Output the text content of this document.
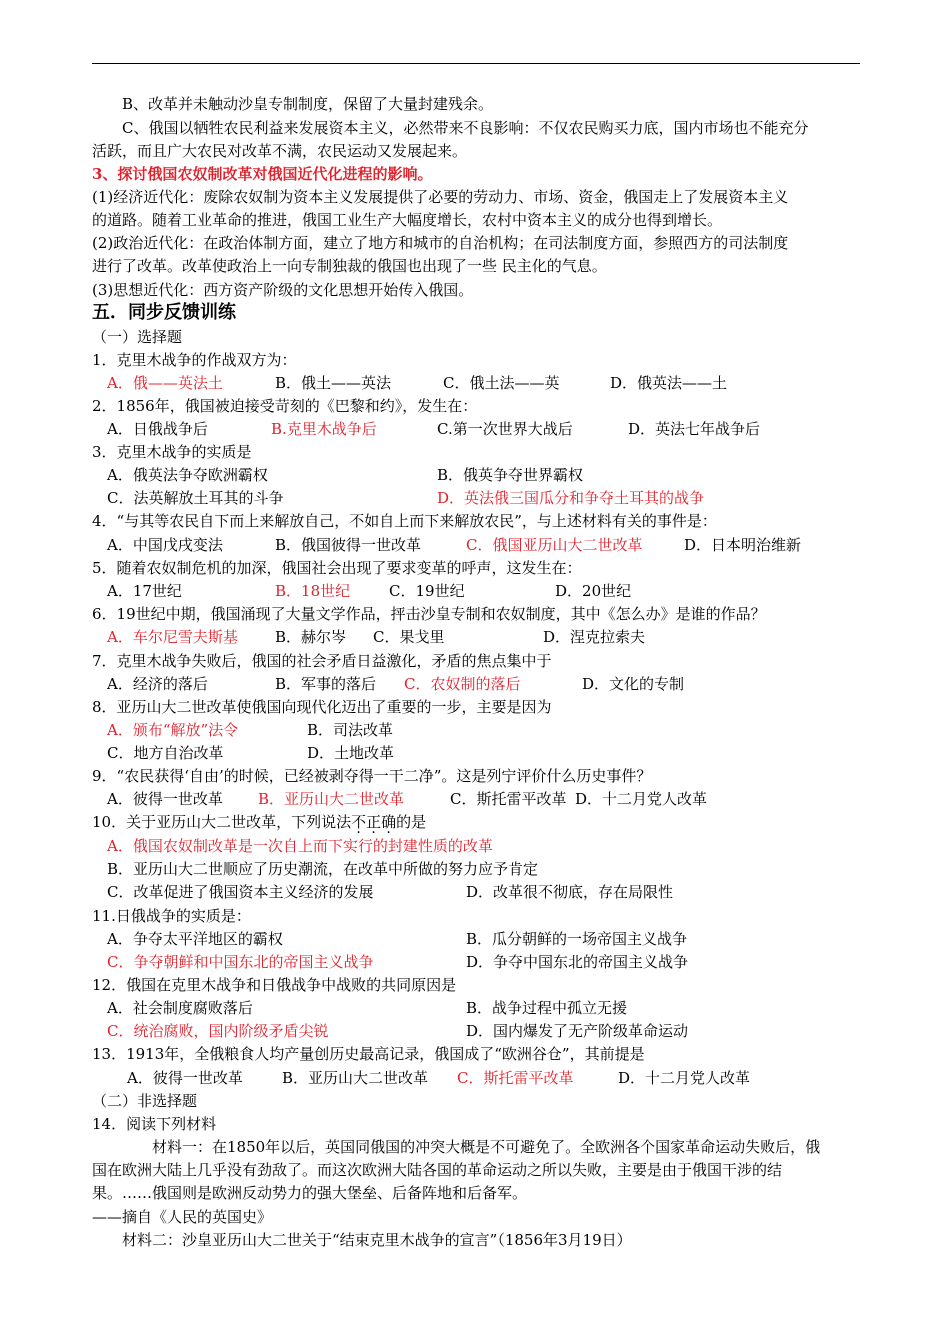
B、改革并未触动沙皇专制制度，保留了大量封建残余。
C、俄国以牺牲农民利益来发展资本主义，必然带来不良影响：不仅农民购买力底，国内市场也不能充分
活跃，而且广大农民对改革不满，农民运动又发展起来。
3、探讨俄国农奴制改革对俄国近代化进程的影响。
(1)经济近代化：废除农奴制为资本主义发展提供了必要的劳动力、市场、资金，俄国走上了发展资本主义
的道路。随着工业革命的推进，俄国工业生产大幅度增长，农村中资本主义的成分也得到增长。
(2)政治近代化：在政治体制方面，建立了地方和城市的自治机构；在司法制度方面，参照西方的司法制度
进行了改革。改革使政治上一向专制独裁的俄国也出现了一些 民主化的气息。
(3)思想近代化：西方资产阶级的文化思想开始传入俄国。
五．同步反馈训练
（一）选择题
1．克里木战争的作战双方为：
A．俄——英法土	B．俄土——英法	C．俄土法——英	D．俄英法——土
2．1856年，俄国被迫接受苛刻的《巴黎和约》，发生在：
A．日俄战争后	B.克里木战争后	C.第一次世界大战后	D．英法七年战争后
3．克里木战争的实质是
A．俄英法争夺欧洲霸权	B．俄英争夺世界霸权
C．法英解放土耳其的斗争	D．英法俄三国瓜分和争夺土耳其的战争
4．“与其等农民自下而上来解放自己，不如自上而下来解放农民”，与上述材料有关的事件是：
A．中国戊戌变法	B．俄国彼得一世改革	C．俄国亚历山大二世改革	D．日本明治维新
5．随着农奴制危机的加深，俄国社会出现了要求变革的呼声，这发生在：
A．17世纪	B．18世纪	C．19世纪	D．20世纪
6．19世纪中期，俄国涌现了大量文学作品，抨击沙皇专制和农奴制度，其中《怎么办》是谁的作品？
A．车尔尼雪夫斯基 B．赫尔岑 C．果戈里	D．涅克拉索夫
7．克里木战争失败后，俄国的社会矛盾日益激化，矛盾的焦点集中于
A．经济的落后	B．军事的落后 C．农奴制的落后	D．文化的专制
8．亚历山大二世改革使俄国向现代化迈出了重要的一步，主要是因为
A．颁布“解放”法令	B．司法改革
C．地方自治改革	D．土地改革
9．“农民获得‘自由’的时候，已经被剥夺得一干二净”。这是列宁评价什么历史事件？
A．彼得一世改革 B．亚历山大二世改革	C．斯托雷平改革 D．十二月党人改革
10．关于亚历山大二世改革，下列说法不正确的是
A．俄国农奴制改革是一次自上而下实行的封建性质的改革
B．亚历山大二世顺应了历史潮流，在改革中所做的努力应予肯定
C．改革促进了俄国资本主义经济的发展	D．改革很不彻底，存在局限性
11.日俄战争的实质是：
A．争夺太平洋地区的霸权	B．瓜分朝鲜的一场帝国主义战争
C．争夺朝鲜和中国东北的帝国主义战争	D．争夺中国东北的帝国主义战争
12．俄国在克里木战争和日俄战争中战败的共同原因是
A．社会制度腐败落后	B．战争过程中孤立无援
C．统治腐败，国内阶级矛盾尖锐	D．国内爆发了无产阶级革命运动
13．1913年，全俄粮食人均产量创历史最高记录，俄国成了“欧洲谷仓”，其前提是
A．彼得一世改革	B．亚历山大二世改革 C．斯托雷平改革	D．十二月党人改革
（二）非选择题
14．阅读下列材料
材料一：在1850年以后，英国同俄国的冲突大概是不可避免了。全欧洲各个国家革命运动失败后，俄
国在欧洲大陆上几乎没有劲敌了。而这次欧洲大陆各国的革命运动之所以失败，主要是由于俄国干涉的结
果。……俄国则是欧洲反动势力的强大堡垒、后备阵地和后备军。
——摘自《人民的英国史》
材料二：沙皇亚历山大二世关于“结束克里木战争的宣言”（1856年3月19日）
